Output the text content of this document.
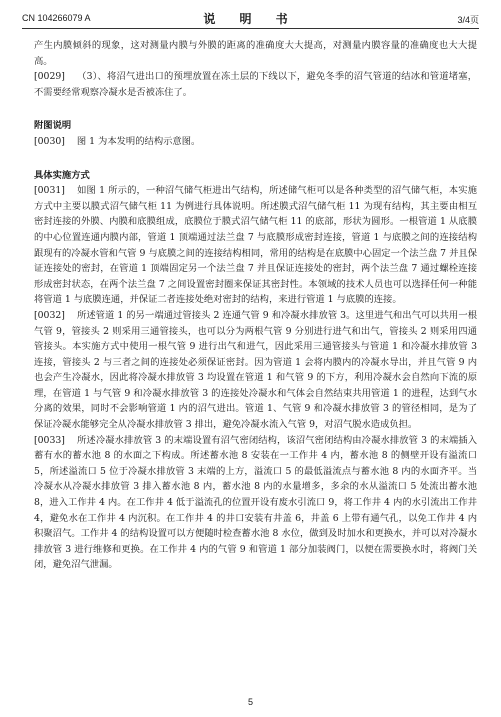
CN 104266079 A	说 明 书	3/4页

产生内膜倾斜的现象，这对测量内膜与外膜的距离的准确度大大提高，对测量内膜容量的准确度也大大提高。

[0029] （3）、将沼气进出口的预埋放置在冻土层的下线以下，避免冬季的沼气管道的结冰和管道堵塞，不需要经常观察冷凝水是否被冻住了。

附图说明

[0030] 图 1 为本发明的结构示意图。

具体实施方式

[0031] 如图 1 所示的，一种沼气储气柜进出气结构，所述储气柜可以是各种类型的沼气储气柜，本实施方式中主要以膜式沼气储气柜 11 为例进行具体说明。所述膜式沼气储气柜 11 为现有结构，其主要由相互密封连接的外膜、内膜和底膜组成，底膜位于膜式沼气储气柜 11 的底部，形状为圆形。一根管道 1 从底膜的中心位置连通内膜内部，管道 1 顶端通过法兰盘 7 与底膜形成密封连接，管道 1 与底膜之间的连接结构跟现有的冷凝水管和气管 9 与底膜之间的连接结构相同，常用的结构是在底膜中心固定一个法兰盘 7 并且保证连接处的密封，在管道 1 顶端固定另一个法兰盘 7 并且保证连接处的密封，两个法兰盘 7 通过螺栓连接形成密封状态，在两个法兰盘 7 之间设置密封圈来保证其密封性。本领域的技术人员也可以选择任何一种能将管道 1 与底膜连通，并保证二者连接处绝对密封的结构，来进行管道 1 与底膜的连接。

[0032] 所述管道 1 的另一端通过管接头 2 连通气管 9 和冷凝水排放管 3。这里进气和出气可以共用一根气管 9，管接头 2 则采用三通管接头，也可以分为两根气管 9 分别进行进气和出气，管接头 2 则采用四通管接头。本实施方式中使用一根气管 9 进行出气和进气，因此采用三通管接头与管道 1 和冷凝水排放管 3 连接，管接头 2 与三者之间的连接处必须保证密封。因为管道 1 会将内膜内的冷凝水导出，并且气管 9 内也会产生冷凝水，因此将冷凝水排放管 3 均设置在管道 1 和气管 9 的下方，利用冷凝水会自然向下流的原理，在管道 1 与气管 9 和冷凝水排放管 3 的连接处冷凝水和气体会自然结束共用管道 1 的进程，达到气水分离的效果，同时不会影响管道 1 内的沼气进出。管道 1、气管 9 和冷凝水排放管 3 的管径相同，是为了保证冷凝水能够完全从冷凝水排放管 3 排出，避免冷凝水流入气管 9，对沼气脱水造成负担。

[0033] 所述冷凝水排放管 3 的末端设置有沼气密闭结构，该沼气密闭结构由冷凝水排放管 3 的末端插入蓄有水的蓄水池 8 的水面之下构成。所述蓄水池 8 安装在一工作井 4 内，蓄水池 8 的侧壁开设有溢流口 5，所述溢流口 5 位于冷凝水排放管 3 末端的上方，溢流口 5 的最低溢流点与蓄水池 8 内的水面齐平。当冷凝水从冷凝水排放管 3 排入蓄水池 8 内，蓄水池 8 内的水量增多，多余的水从溢流口 5 处流出蓄水池 8，进入工作井 4 内。在工作井 4 低于溢流孔的位置开设有废水引流口 9，将工作井 4 内的水引流出工作井 4，避免水在工作井 4 内沉积。在工作井 4 的井口安装有井盖 6，井盖 6 上带有通气孔，以免工作井 4 内积聚沼气。工作井 4 的结构设置可以方便随时检查蓄水池 8 水位，做到及时加水和更换水，并可以对冷凝水排放管 3 进行维修和更换。在工作井 4 内的气管 9 和管道 1 部分加装阀门，以便在需要换水时，将阀门关闭，避免沼气泄漏。

5
